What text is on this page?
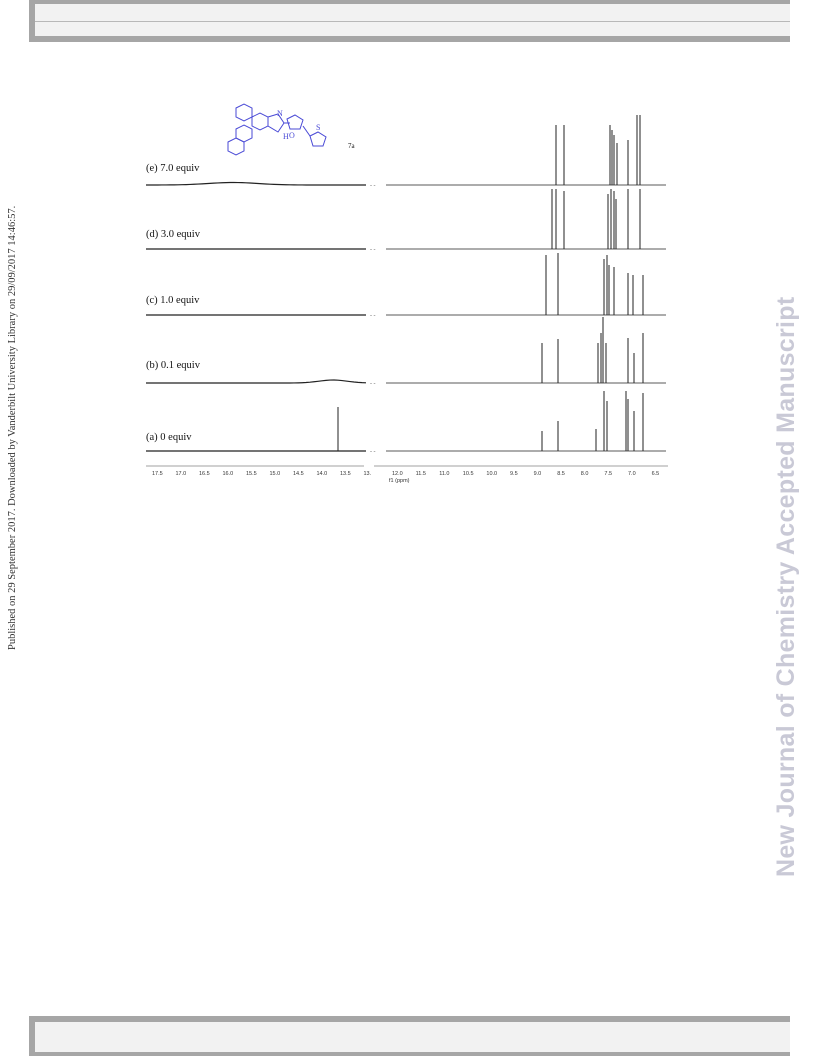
Published on 29 September 2017. Downloaded by Vanderbilt University Library on 29/09/2017 14:46:57.	New Journal of Chemistry Accepted Manuscript
N
H O
S
7a
(e) 7.0 equiv
(d) 3.0 equiv
(c) 1.0 equiv
(b) 0.1 equiv
(a) 0 equiv
- -
- -
- -
- -
- -
17.5 17.0 16.5 16.0 15.5 15.0 14.5 14.0 13.5 13.	12.0 11.5 11.0 10.5 10.0 9.5	9.0	8.5	8.0	7.5	7.0	6.5
f1 (ppm)
